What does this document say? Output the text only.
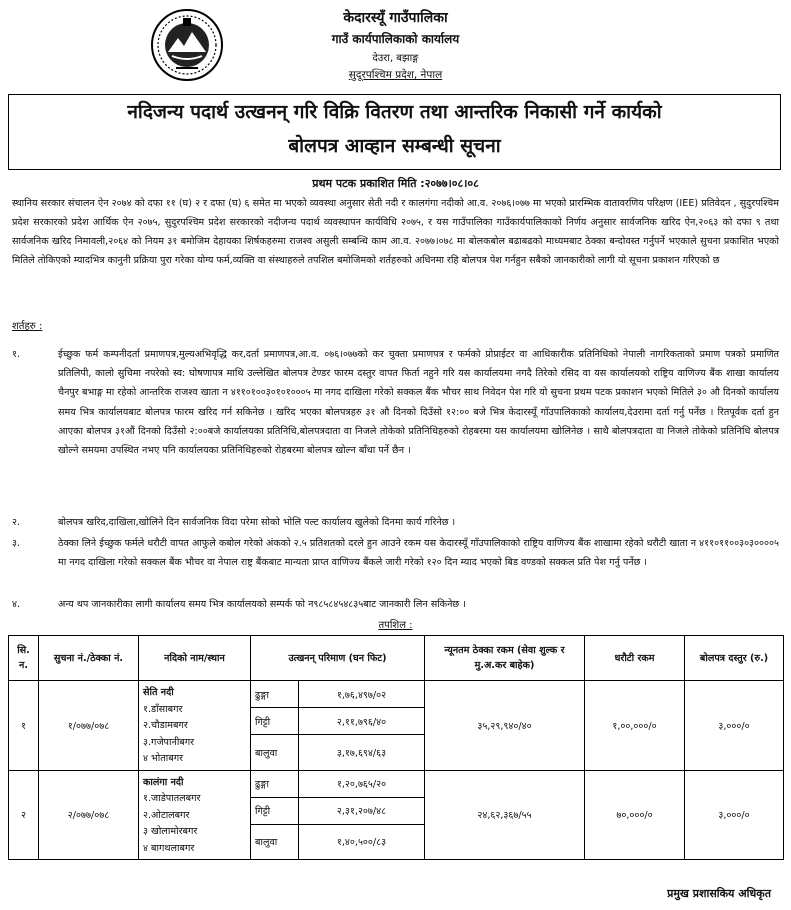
केदारस्यूँ गाउँपालिका
गाउँ कार्यपालिकाको कार्यालय
देउरा, बझाङ्ग
सुदूरपश्चिम प्रदेश, नेपाल
नदिजन्य पदार्थ उत्खनन् गरि विक्रि वितरण तथा आन्तरिक निकासी गर्ने कार्यको
बोलपत्र आव्हान सम्बन्धी सूचना
प्रथम पटक प्रकाशित मिति :२०७७।०८।०८
स्थानिय सरकार संचालन ऐन २०७४ को दफा ११ (घ) २ र दफा (घ) ६ समेत मा भएको व्यवस्था अनुसार सेती नदी र कालगंगा नदीको आ.व. २०७६।०७७ मा भएको प्रारम्भिक वातावरणिय परिक्षण (IEE) प्रतिवेदन , सुदुरपश्चिम प्रदेश सरकारको प्रदेश आर्थिक ऐन २०७५, सुदुरपश्चिम प्रदेश सरकारको नदीजन्य पदार्थ व्यवस्थापन कार्यविधि २०७५, र यस गाउँपालिका गाउँकार्यपालिकाको निर्णय अनुसार सार्वजनिक खरिद ऐन,२०६३ को दफा ९ तथा सार्वजनिक खरिद निमावली,२०६४ को नियम ३१ बमोजिम देहायका शिर्षकहरुमा राजश्व असुली सम्बन्धि काम आ.व. २०७७।०७८ मा बोलकबोल बढाबढको माध्यमबाट ठेक्का बन्दोवस्त गर्नुपर्ने भएकाले सुचना प्रकाशित भएको मितिले तोकिएको म्यादभित्र कानुनी प्रक्रिया पुरा गरेका योग्य फर्म,व्यक्ति वा संस्थाहरुले तपशिल बमोजिमको शर्तहरुको अधिनमा रहि बोलपत्र पेश गर्नहुन सबैको जानकारीको लागी यो सूचना प्रकाशन गरिएको छ
शर्तहरु :
१.	ईच्छुक फर्म कम्पनीदर्ता प्रमाणपत्र,मुल्यअभिवृद्धि कर,दर्ता प्रमाणपत्र,आ.व. ०७६।०७७को कर चुक्ता प्रमाणपत्र र फर्मको प्रोप्राईटर वा आधिकारीक प्रतिनिधिको नेपाली नागरिकताको प्रमाण पत्रको प्रमाणित प्रतिलिपी, कालो सुचिमा नपरेको स्व: घोषणापत्र माथि उल्लेखित बोलपत्र टेण्डर फारम दस्तुर वापत फिर्ता नहुने गरि यस कार्यालयमा नगदै तिरेको रसिद वा यस कार्यालयको राष्ट्रिय वाणिज्य बैंक शाखा कार्यालय चैनपुर बभाङ्ग मा रहेको आन्तरिक राजश्व खाता न ४११०१००३०१०१०००५ मा नगद दाखिला गरेको सक्कल बैंक भौचर साथ निवेदन पेश गरि यो सुचना प्रथम पटक प्रकाशन भएको मितिले ३० औ दिनको कार्यालय समय भित्र कार्यालयबाट बोलपत्र फारम खरिद गर्न सकिनेछ । खरिद भएका बोलपत्रहरु ३१ औ दिनको दिउँसो १२:०० बजे भित्र केदारस्यूँ गाँउपालिकाको कार्यालय,देउरामा दर्ता गर्नु पर्नेछ । रितपूर्वक दर्ता हुन आएका बोलपत्र ३१औं दिनको दिउँसो २:००बजे कार्यालयका प्रतिनिधि,बोलपत्रदाता वा निजले तोकेको प्रतिनिधिहरुको रोहबरमा यस कार्यालयमा खोलिनेछ । साथै बोलपत्रदाता वा निजले तोकेको प्रतिनिधि बोलपत्र खोल्ने समयमा उपस्थित नभए पनि कार्यालयका प्रतिनिधिहरुको रोहबरमा बोलपत्र खोल्न बाँधा पर्ने छैन ।
२.	बोलपत्र खरिद,दाखिला,खोलिने दिन सार्वजनिक विदा परेमा सोको भोलि पल्ट कार्यालय खुलेको दिनमा कार्य गरिनेछ ।
३.	ठेक्का लिने ईच्छुक फर्मले धरौटी वापत आफुले कबोल गरेको अंकको २.५ प्रतिशतको दरले हुन आउने रकम यस केदारस्यूँ गाँउपालिकाको राष्ट्रिय वाणिज्य बैंक शाखामा रहेको धरौटी खाता न ४११०११००३०३००००५ मा नगद दाखिला गरेको सक्कल बैंक भौचर वा नेपाल राष्ट्र बैंकबाट मान्यता प्राप्त वाणिज्य बैंकले जारी गरेको १२० दिन म्याद भएको बिड वण्डको सक्कल प्रति पेश गर्नु पर्नेछ ।
४.	अन्य थप जानकारीका लागी कार्यालय समय भित्र कार्यालयको सम्पर्क फो न९८५८४५४८३५बाट जानकारी लिन सकिनेछ ।
तपशिल :
सि. न.	सुचना नं./ठेक्का नं.	नदिको नाम/स्थान	उत्खनन् परिमाण (घन फिट)		न्यूनतम ठेक्का रकम (सेवा शुल्क र मु.अ.कर बाहेक)	धरौटी रकम	बोलपत्र दस्तुर (रु.)
१	१/०७७/०७८	सेति नदी
१.डाँसाबगर
२.चौडामबगर
३.गजेपानीबगर
४ भोताबगर	ढुङ्गा	१,७६,४९७/०२	३५,२९,९४०/४०	१,००,०००/०	३,०००/०
			गिट्टी	२,११,७९६/४०			
			बालुवा	३,१७,६९४/६३			

२	२/०७७/०७८	कालंगा नदी
१.जाडेपातलबगर
२.ओटालबगर
३ खोलामोरबगर
४ बागथलाबगर	ढुङ्गा	१,२०,७६५/२०	२४,६२,३६७/५५	७०,०००/०	३,०००/०
			गिट्टी	२,३१,२०७/४८			
			बालुवा	१,४०,५००/८३			

प्रमुख प्रशासकिय अधिकृत
